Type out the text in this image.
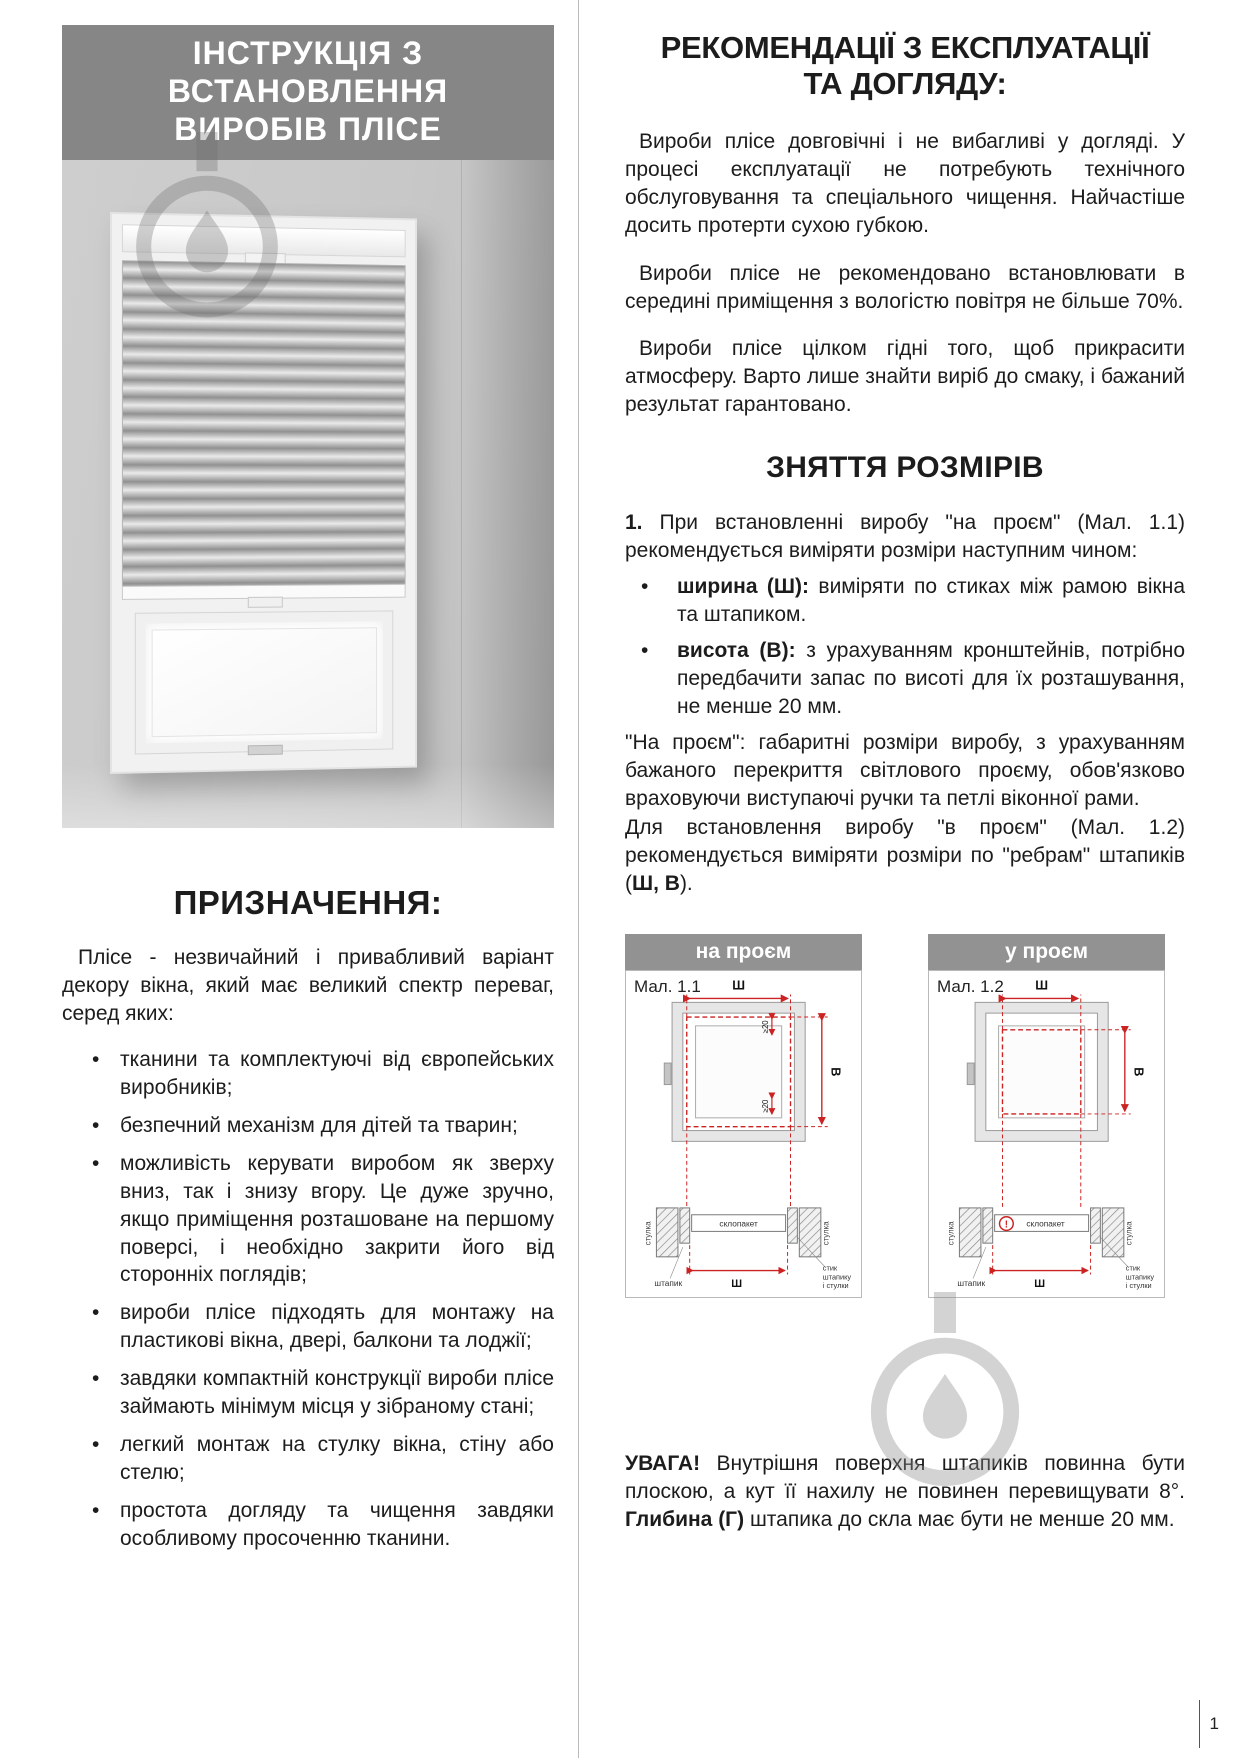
ІНСТРУКЦІЯ З ВСТАНОВЛЕННЯ
ВИРОБІВ ПЛІСЕ
ПРИЗНАЧЕННЯ:

Плісе - незвичайний і привабливий варіант декору вікна, який має великий спектр переваг, серед яких:

• тканини та комплектуючі від європейських виробників;
• безпечний механізм для дітей та тварин;
• можливість керувати виробом як зверху вниз, так і знизу вгору. Це дуже зручно, якщо приміщення розташоване на першому поверсі, і необхідно закрити його від сторонніх поглядів;
• вироби плісе підходять для монтажу на пластикові вікна, двері, балкони та лоджії;
• завдяки компактній конструкції вироби плісе займають мінімум місця у зібраному стані;
• легкий монтаж на стулку вікна, стіну або стелю;
• простота догляду та чищення завдяки особливому просоченню тканини.
РЕКОМЕНДАЦІЇ З ЕКСПЛУАТАЦІЇ
ТА ДОГЛЯДУ:

Вироби плісе довговічні і не вибагливі у догляді. У процесі експлуатації не потребують технічного обслуговування та спеціального чищення. Найчастіше досить протерти сухою губкою.

Вироби плісе не рекомендовано встановлювати в середині приміщення з вологістю повітря не більше 70%.

Вироби плісе цілком гідні того, щоб прикрасити атмосферу. Варто лише знайти виріб до смаку, і бажаний результат гарантовано.

ЗНЯТТЯ РОЗМІРІВ

1. При встановленні виробу "на проєм" (Мал. 1.1) рекомендується виміряти розміри наступним чином:

• ширина (Ш): виміряти по стиках між рамою вікна та штапиком.
• висота (В): з урахуванням кронштейнів, потрібно передбачити запас по висоті для їх розташування, не менше 20 мм.

"На проєм": габаритні розміри виробу, з урахуванням бажаного перекриття світлового проєму, обов'язково враховуючи виступаючі ручки та петлі віконної рами.

Для встановлення виробу "в проєм" (Мал. 1.2) рекомендується виміряти розміри по "ребрам" штапиків (Ш, В).

на проєм
Мал. 1.1 Ш
В
≥20
≥20
склопакет
стулка	стулка
штапик	Ш
стик
штапику
і стулки
у проєм
Мал. 1.2 Ш
В
! склопакет
стулка	стулка
штапик	Ш
стик
штапику
і стулки

УВАГА! Внутрішня поверхня штапиків повинна бути плоскою, а кут її нахилу не повинен перевищувати 8°. Глибина (Г) штапика до скла має бути не менше 20 мм.

1
